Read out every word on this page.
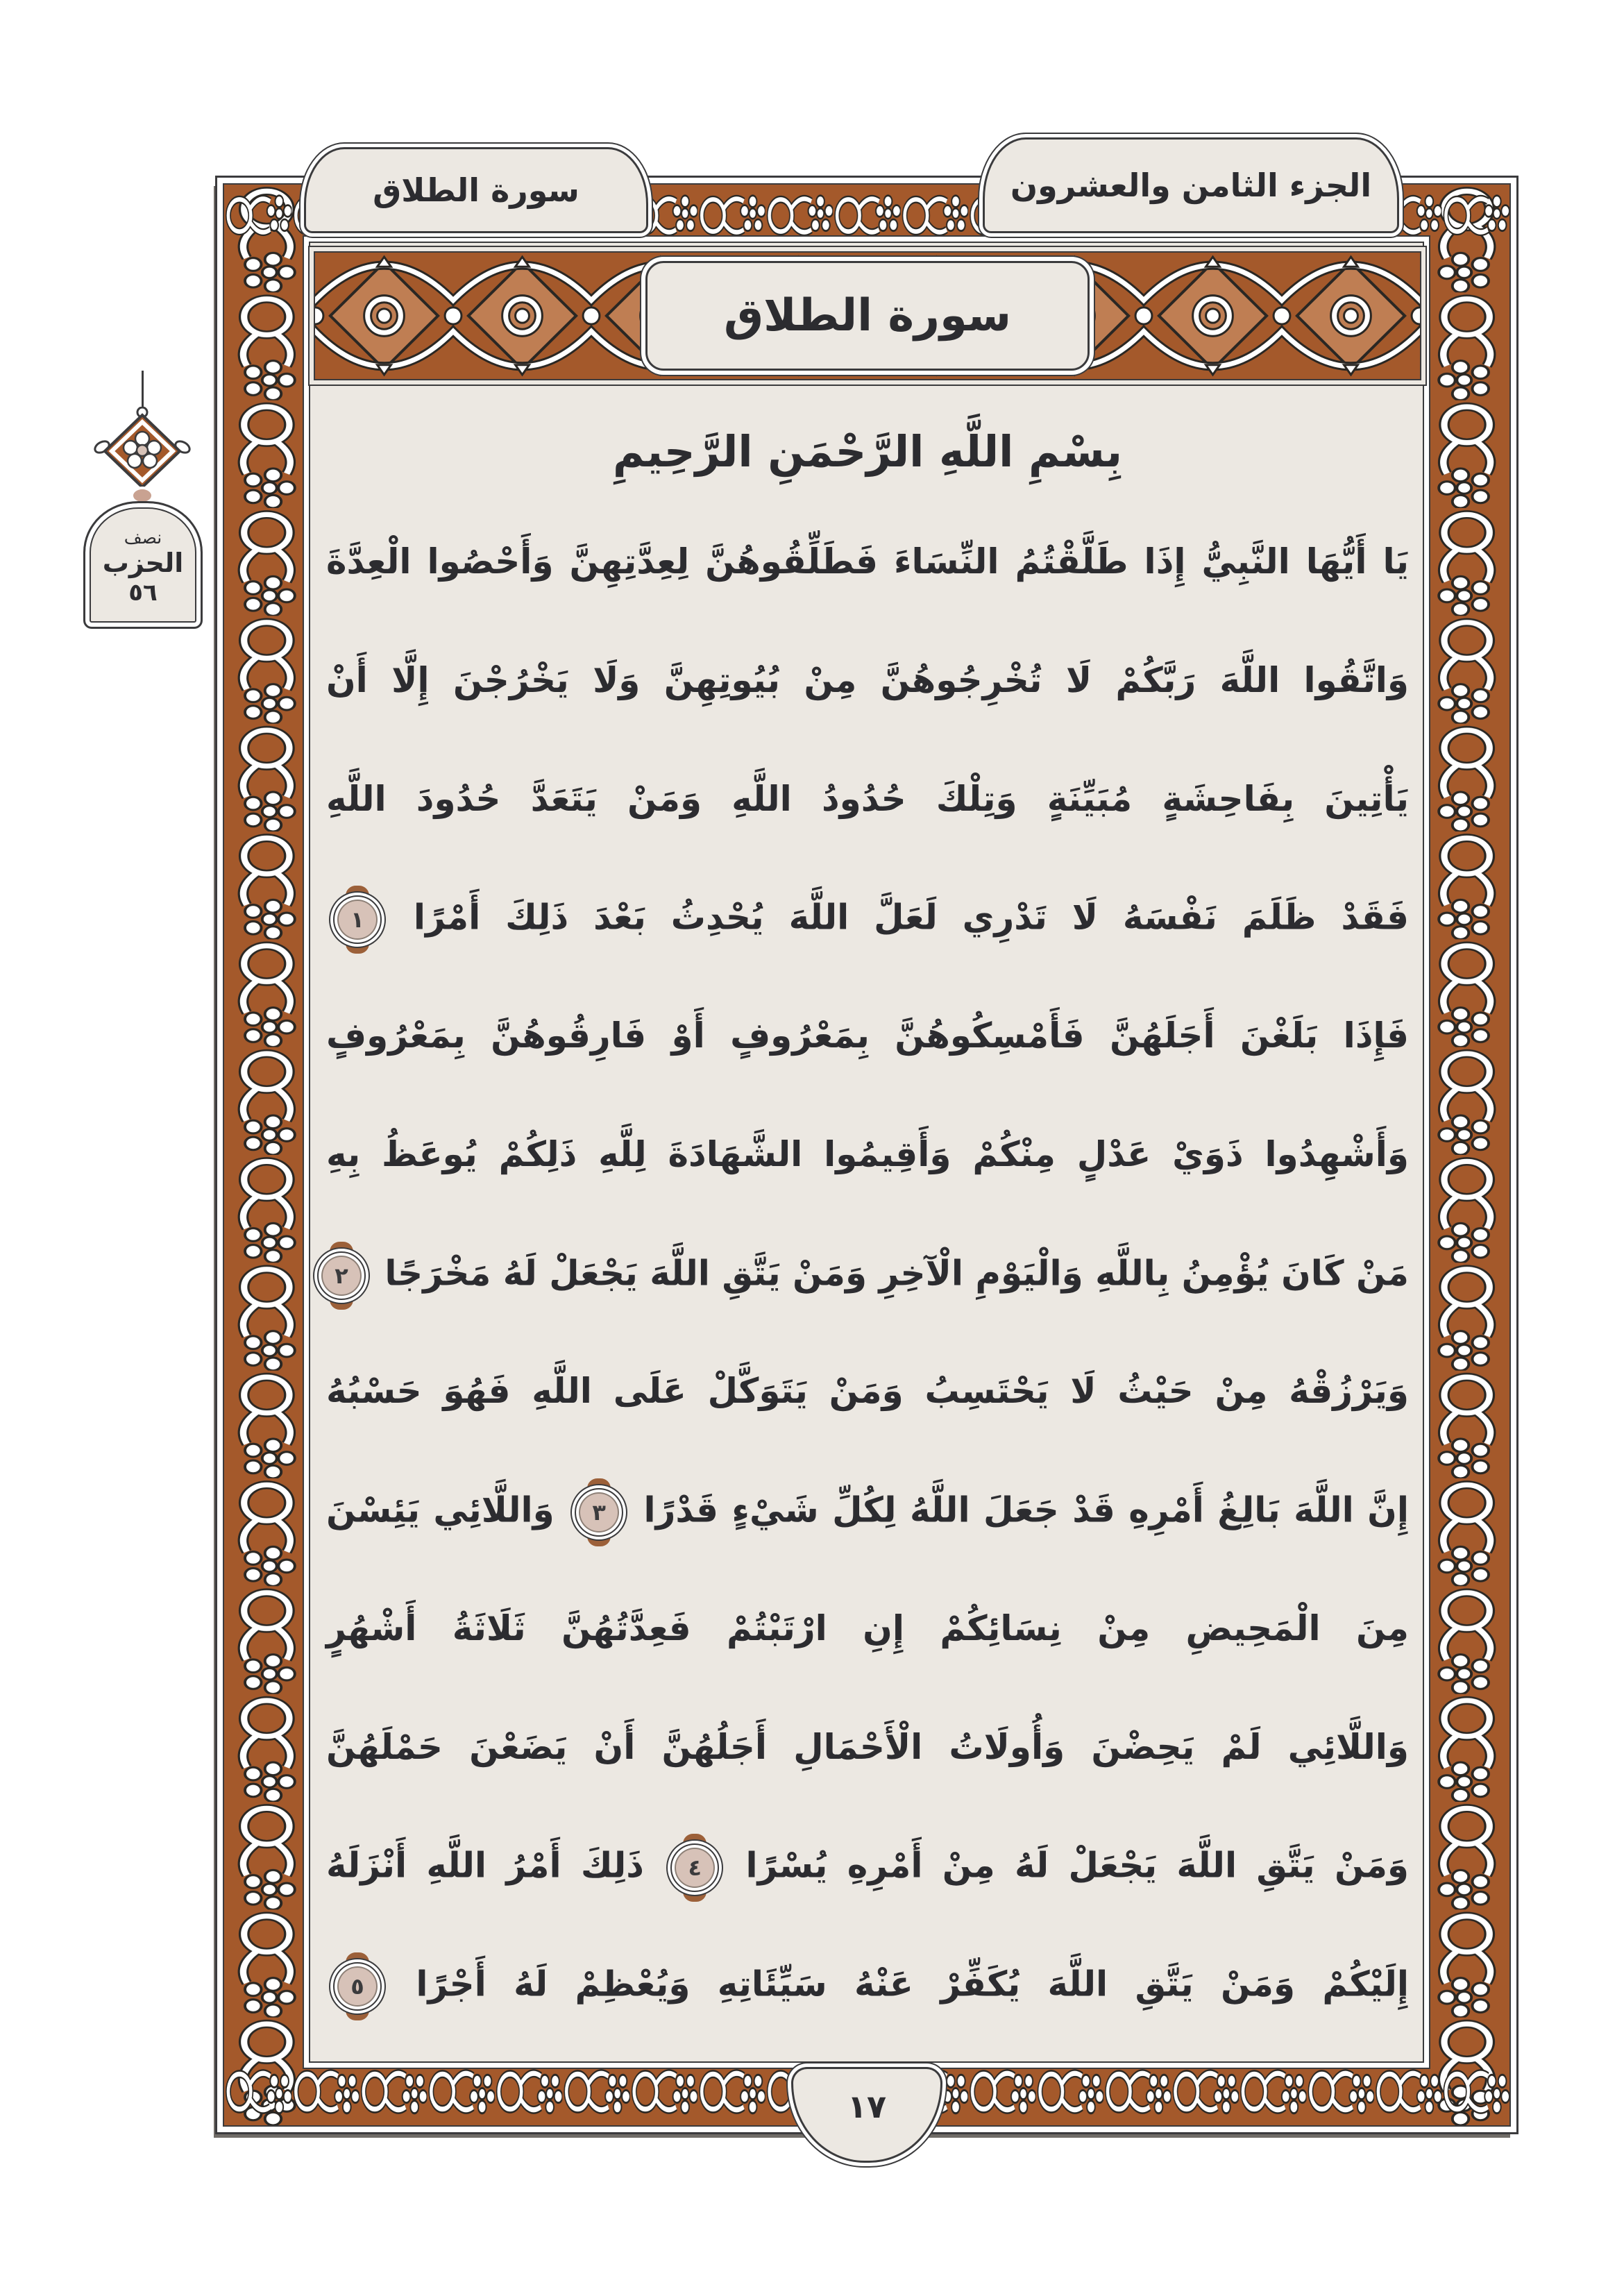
سورة الطلاق
سورة الطلاق	الجزء الثامن والعشرون
بِسْمِ اللَّهِ الرَّحْمَنِ الرَّحِيمِ
يَا أَيُّهَا النَّبِيُّ إِذَا طَلَّقْتُمُ النِّسَاءَ فَطَلِّقُوهُنَّ لِعِدَّتِهِنَّ وَأَحْصُوا الْعِدَّةَ
وَاتَّقُوا اللَّهَ رَبَّكُمْ لَا تُخْرِجُوهُنَّ مِنْ بُيُوتِهِنَّ وَلَا يَخْرُجْنَ إِلَّا أَنْ
يَأْتِينَ بِفَاحِشَةٍ مُبَيِّنَةٍ وَتِلْكَ حُدُودُ اللَّهِ وَمَنْ يَتَعَدَّ حُدُودَ اللَّهِ
فَقَدْ ظَلَمَ نَفْسَهُ لَا تَدْرِي لَعَلَّ اللَّهَ يُحْدِثُ بَعْدَ ذَلِكَ أَمْرًا ١
فَإِذَا بَلَغْنَ أَجَلَهُنَّ فَأَمْسِكُوهُنَّ بِمَعْرُوفٍ أَوْ فَارِقُوهُنَّ بِمَعْرُوفٍ
وَأَشْهِدُوا ذَوَيْ عَدْلٍ مِنْكُمْ وَأَقِيمُوا الشَّهَادَةَ لِلَّهِ ذَلِكُمْ يُوعَظُ بِهِ
مَنْ كَانَ يُؤْمِنُ بِاللَّهِ وَالْيَوْمِ الْآخِرِ وَمَنْ يَتَّقِ اللَّهَ يَجْعَلْ لَهُ مَخْرَجًا ٢
وَيَرْزُقْهُ مِنْ حَيْثُ لَا يَحْتَسِبُ وَمَنْ يَتَوَكَّلْ عَلَى اللَّهِ فَهُوَ حَسْبُهُ
إِنَّ اللَّهَ بَالِغُ أَمْرِهِ قَدْ جَعَلَ اللَّهُ لِكُلِّ شَيْءٍ قَدْرًا ٣ وَاللَّائِي يَئِسْنَ
مِنَ الْمَحِيضِ مِنْ نِسَائِكُمْ إِنِ ارْتَبْتُمْ فَعِدَّتُهُنَّ ثَلَاثَةُ أَشْهُرٍ
وَاللَّائِي لَمْ يَحِضْنَ وَأُولَاتُ الْأَحْمَالِ أَجَلُهُنَّ أَنْ يَضَعْنَ حَمْلَهُنَّ
وَمَنْ يَتَّقِ اللَّهَ يَجْعَلْ لَهُ مِنْ أَمْرِهِ يُسْرًا ٤ ذَلِكَ أَمْرُ اللَّهِ أَنْزَلَهُ
إِلَيْكُمْ وَمَنْ يَتَّقِ اللَّهَ يُكَفِّرْ عَنْهُ سَيِّئَاتِهِ وَيُعْظِمْ لَهُ أَجْرًا ٥
١٧
نصف
الحزب
٥٦
